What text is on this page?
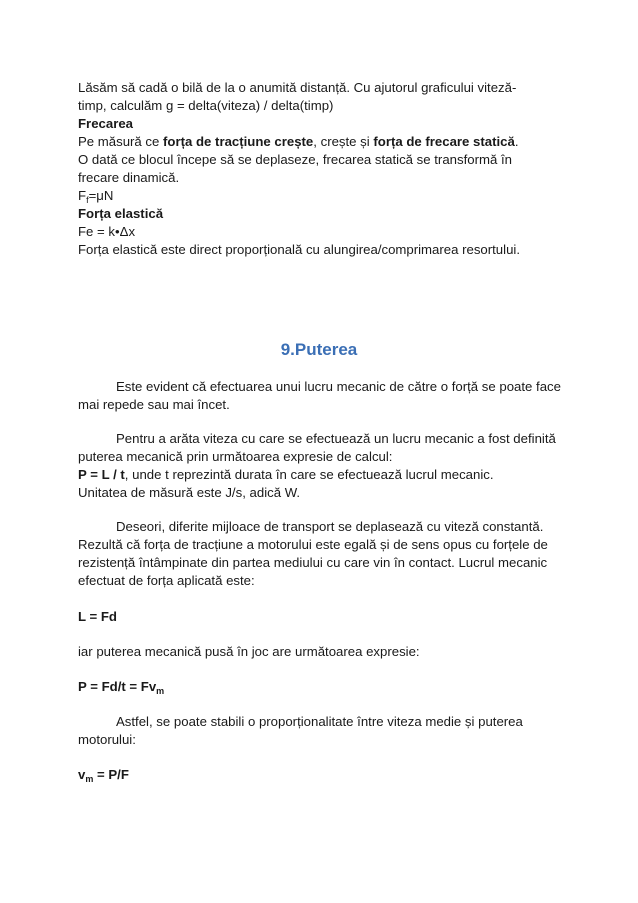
Lăsăm să cadă o bilă de la o anumită distanță. Cu ajutorul graficului viteză-

timp, calculăm g = delta(viteza) / delta(timp)

Frecarea

Pe măsură ce forța de tracțiune crește, crește și forța de frecare statică.

O dată ce blocul începe să se deplaseze, frecarea statică se transformă în

frecare dinamică.

$F_f=\mu N$

Forța elastică

Fe = k•Δx

Forța elastică este direct proporțională cu alungirea/comprimarea resortului.

9.Puterea

Este evident că efectuarea unui lucru mecanic de către o forță se poate face mai repede sau mai încet.

Pentru a arăta viteza cu care se efectuează un lucru mecanic a fost definită puterea mecanică prin următoarea expresie de calcul:

P = L / t, unde t reprezintă durata în care se efectuează lucrul mecanic.

Unitatea de măsură este J/s, adică W.

Deseori, diferite mijloace de transport se deplasează cu viteză constantă. Rezultă că forța de tracțiune a motorului este egală și de sens opus cu forțele de rezistență întâmpinate din partea mediului cu care vin în contact. Lucrul mecanic efectuat de forța aplicată este:

L = Fd

iar puterea mecanică pusă în joc are următoarea expresie:

$P = Fd/t = Fv_m$

Astfel, se poate stabili o proporționalitate între viteza medie și puterea motorului:

$v_m = P/F$
